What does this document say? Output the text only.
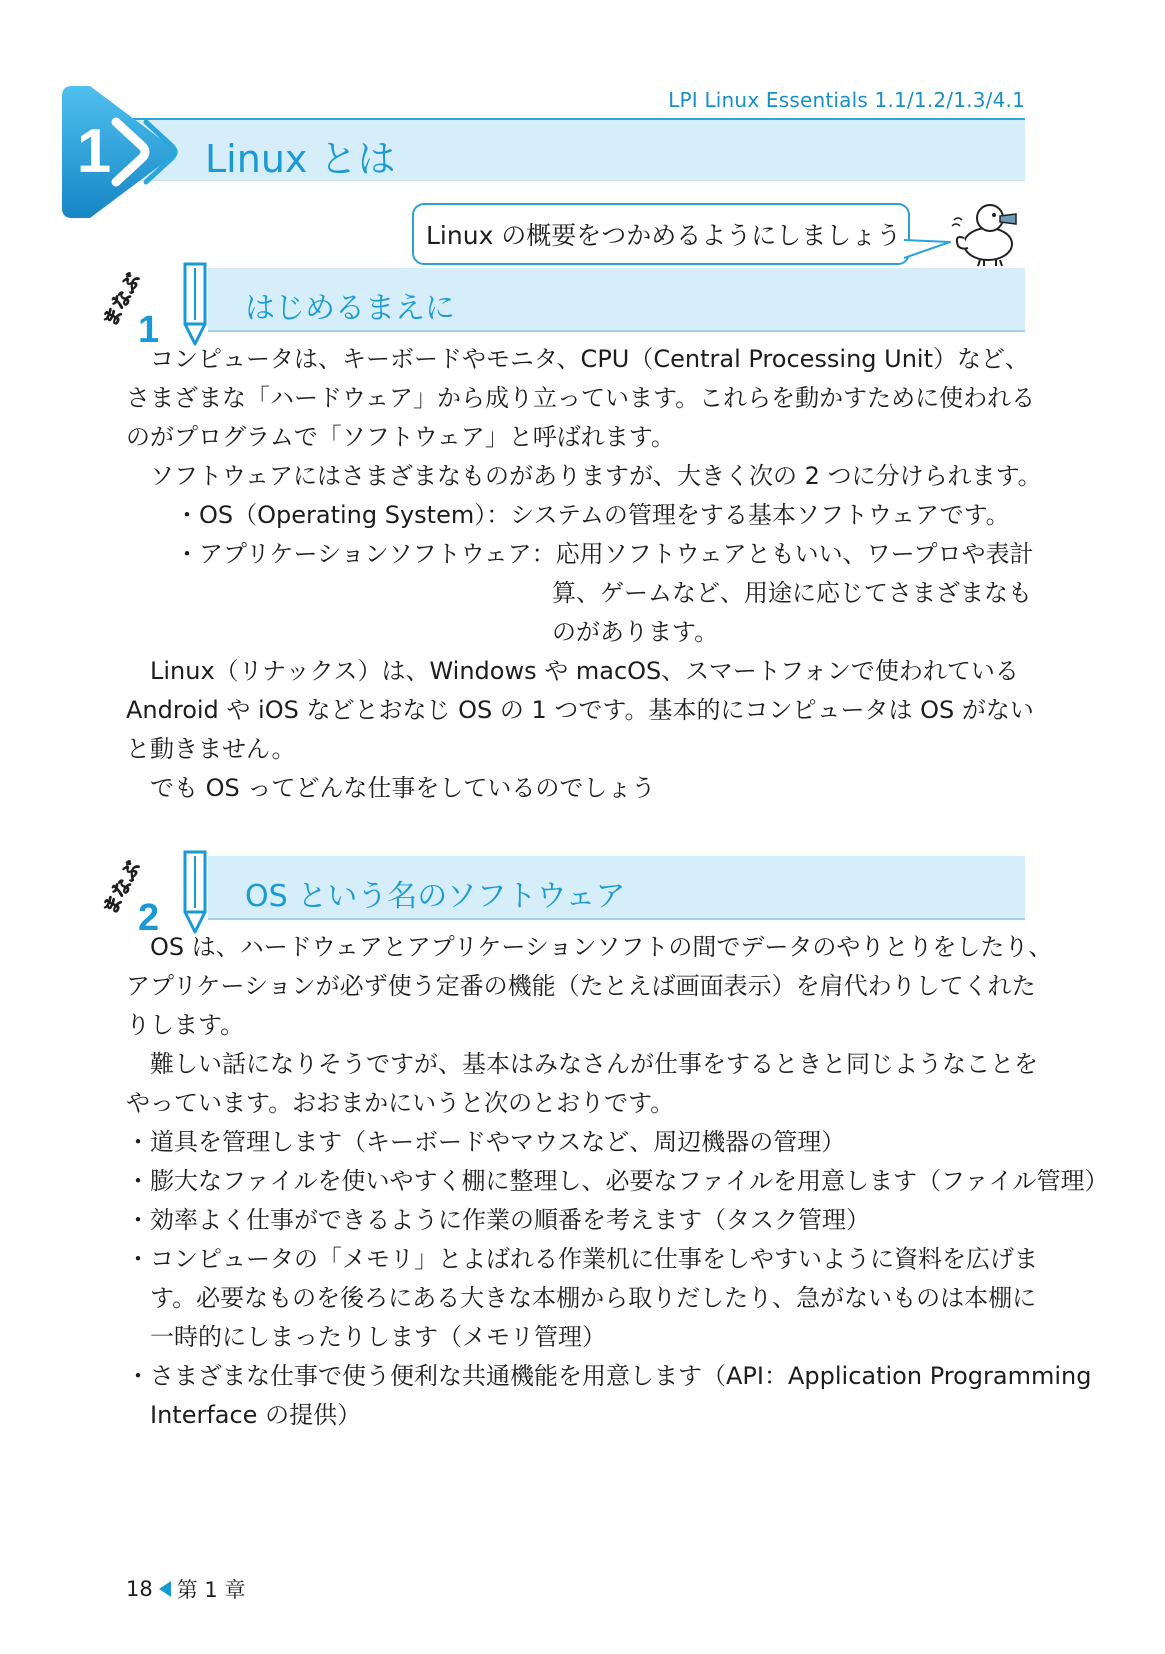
LPI Linux Essentials 1.1/1.2/1.3/4.1
1 Linux とは
Linux の概要をつかめるようにしましょう
まなぶ
1
はじめるまえに
コンピュータは、キーボードやモニタ、CPU（Central Processing Unit）など、
さまざまな「ハードウェア」から成り立っています。これらを動かすために使われる
のがプログラムで「ソフトウェア」と呼ばれます。
ソフトウェアにはさまざまなものがありますが、大きく次の 2 つに分けられます。
・OS（Operating System）：システムの管理をする基本ソフトウェアです。
・アプリケーションソフトウェア：応用ソフトウェアともいい、ワープロや表計
算、ゲームなど、用途に応じてさまざまなも
のがあります。
Linux（リナックス）は、Windows や macOS、スマートフォンで使われている
Android や iOS などとおなじ OS の 1 つです。基本的にコンピュータは OS がない
と動きません。
でも OS ってどんな仕事をしているのでしょう
まなぶ
2
OS という名のソフトウェア
OS は、ハードウェアとアプリケーションソフトの間でデータのやりとりをしたり、
アプリケーションが必ず使う定番の機能（たとえば画面表示）を肩代わりしてくれた
りします。
難しい話になりそうですが、基本はみなさんが仕事をするときと同じようなことを
やっています。おおまかにいうと次のとおりです。
・道具を管理します（キーボードやマウスなど、周辺機器の管理）
・膨大なファイルを使いやすく棚に整理し、必要なファイルを用意します（ファイル管理）
・効率よく仕事ができるように作業の順番を考えます（タスク管理）
・コンピュータの「メモリ」とよばれる作業机に仕事をしやすいように資料を広げま
す。必要なものを後ろにある大きな本棚から取りだしたり、急がないものは本棚に
一時的にしまったりします（メモリ管理）
・さまざまな仕事で使う便利な共通機能を用意します（API：Application Programming
Interface の提供）
18 第 1 章
